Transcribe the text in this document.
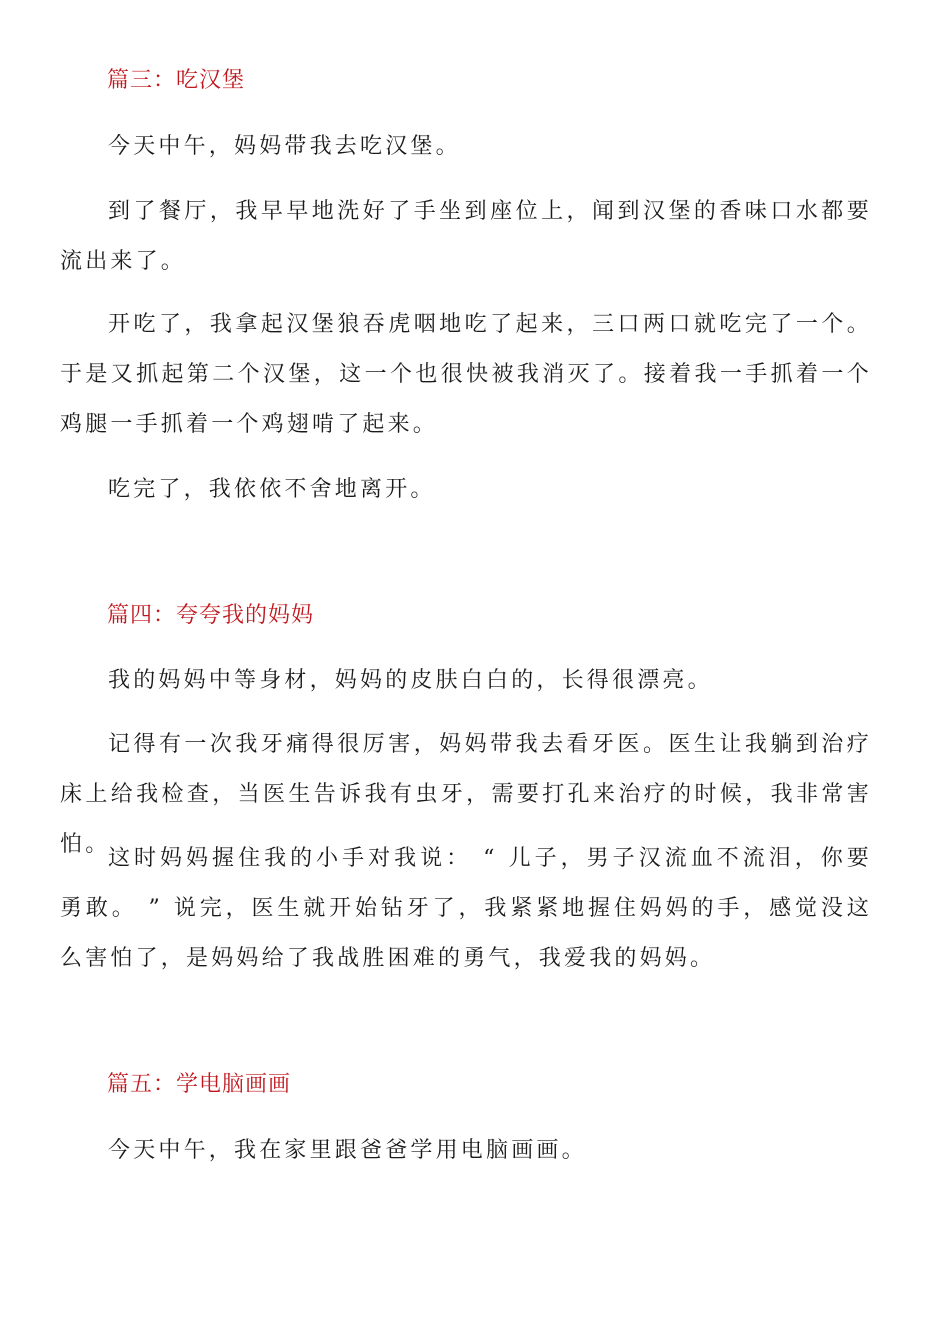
篇三：吃汉堡

今天中午，妈妈带我去吃汉堡。

到了餐厅，我早早地洗好了手坐到座位上，闻到汉堡的香味口水都要流出来了。

开吃了，我拿起汉堡狼吞虎咽地吃了起来，三口两口就吃完了一个。于是又抓起第二个汉堡，这一个也很快被我消灭了。接着我一手抓着一个鸡腿一手抓着一个鸡翅啃了起来。

吃完了，我依依不舍地离开。

篇四：夸夸我的妈妈

我的妈妈中等身材，妈妈的皮肤白白的，长得很漂亮。

记得有一次我牙痛得很厉害，妈妈带我去看牙医。医生让我躺到治疗床上给我检查，当医生告诉我有虫牙，需要打孔来治疗的时候，我非常害怕。

这时妈妈握住我的小手对我说： “ 儿子，男子汉流血不流泪，你要勇敢。 ” 说完，医生就开始钻牙了，我紧紧地握住妈妈的手，感觉没这么害怕了，是妈妈给了我战胜困难的勇气，我爱我的妈妈。

篇五：学电脑画画

今天中午，我在家里跟爸爸学用电脑画画。
